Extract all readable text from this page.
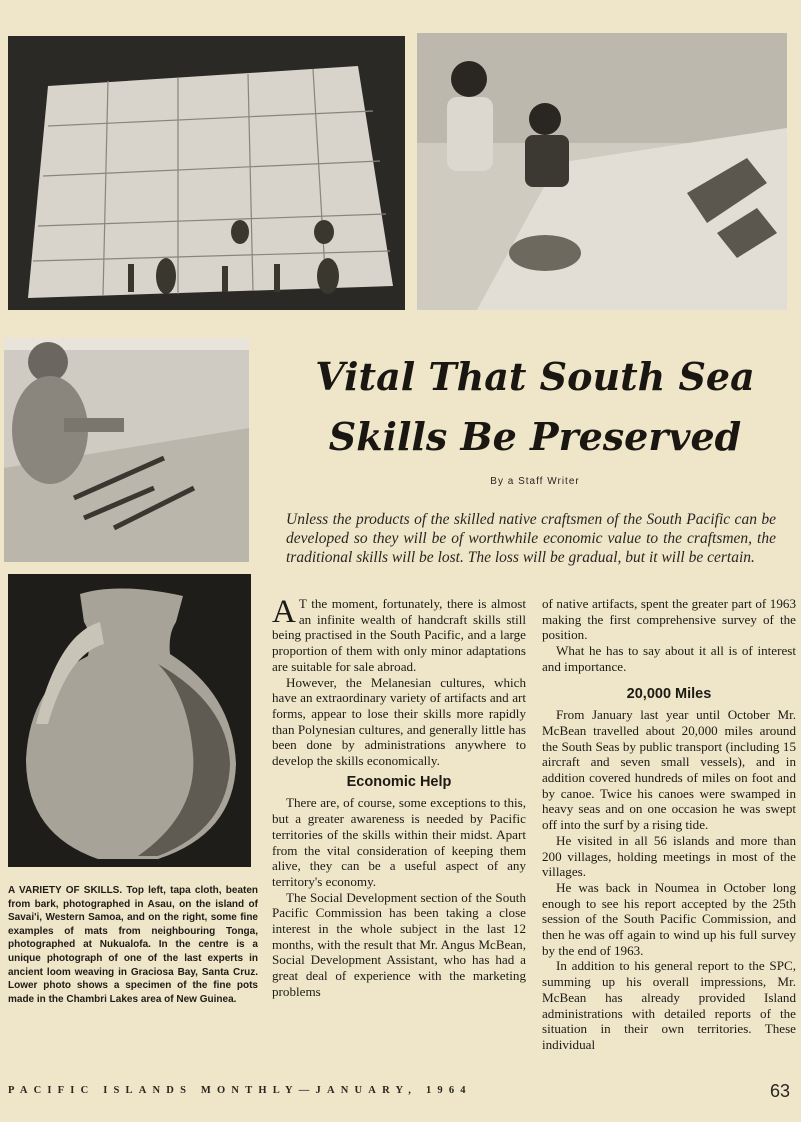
Vital That South Sea
Skills Be Preserved
By a Staff Writer
Unless the products of the skilled native craftsmen of the South Pacific can be developed so they will be of worthwhile economic value to the craftsmen, the traditional skills will be lost. The loss will be gradual, but it will be certain.

A T the moment, fortunately, there is almost an infinite wealth of handcraft skills still being practised in the South Pacific, and a large proportion of them with only minor adaptations are suitable for sale abroad.

However, the Melanesian cultures, which have an extraordinary variety of artifacts and art forms, appear to lose their skills more rapidly than Polynesian cultures, and generally little has been done by administrations anywhere to develop the skills economically.

Economic Help

There are, of course, some exceptions to this, but a greater awareness is needed by Pacific territories of the skills within their midst. Apart from the vital consideration of keeping them alive, they can be a useful aspect of any territory's economy.

The Social Development section of the South Pacific Commission has been taking a close interest in the whole subject in the last 12 months, with the result that Mr. Angus McBean, Social Development Assistant, who has had a great deal of experience with the marketing problems

of native artifacts, spent the greater part of 1963 making the first comprehensive survey of the position.

What he has to say about it all is of interest and importance.

20,000 Miles

From January last year until October Mr. McBean travelled about 20,000 miles around the South Seas by public transport (including 15 aircraft and seven small vessels), and in addition covered hundreds of miles on foot and by canoe. Twice his canoes were swamped in heavy seas and on one occasion he was swept off into the surf by a rising tide.

He visited in all 56 islands and more than 200 villages, holding meetings in most of the villages.

He was back in Noumea in October long enough to see his report accepted by the 25th session of the South Pacific Commission, and then he was off again to wind up his full survey by the end of 1963.

In addition to his general report to the SPC, summing up his overall impressions, Mr. McBean has already provided Island administrations with detailed reports of the situation in their own territories. These individual

A VARIETY OF SKILLS. Top left, tapa cloth, beaten from bark, photographed in Asau, on the island of Savai'i, Western Samoa, and on the right, some fine examples of mats from neighbouring Tonga, photographed at Nukualofa. In the centre is a unique photograph of one of the last experts in ancient loom weaving in Graciosa Bay, Santa Cruz. Lower photo shows a specimen of the fine pots made in the Chambri Lakes area of New Guinea.
PACIFIC ISLANDS MONTHLY—JANUARY, 1964	63
